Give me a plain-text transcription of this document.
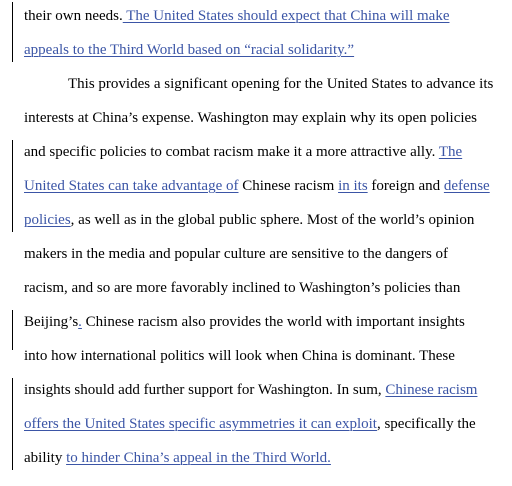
their own needs. The United States should expect that China will make
appeals to the Third World based on “racial solidarity.”
This provides a significant opening for the United States to advance its
interests at China’s expense. Washington may explain why its open policies
and specific policies to combat racism make it a more attractive ally. The
United States can take advantage of Chinese racism in its foreign and defense
policies, as well as in the global public sphere. Most of the world’s opinion
makers in the media and popular culture are sensitive to the dangers of
racism, and so are more favorably inclined to Washington’s policies than
Beijing’s. Chinese racism also provides the world with important insights
into how international politics will look when China is dominant. These
insights should add further support for Washington. In sum, Chinese racism
offers the United States specific asymmetries it can exploit, specifically the
ability to hinder China’s appeal in the Third World.
